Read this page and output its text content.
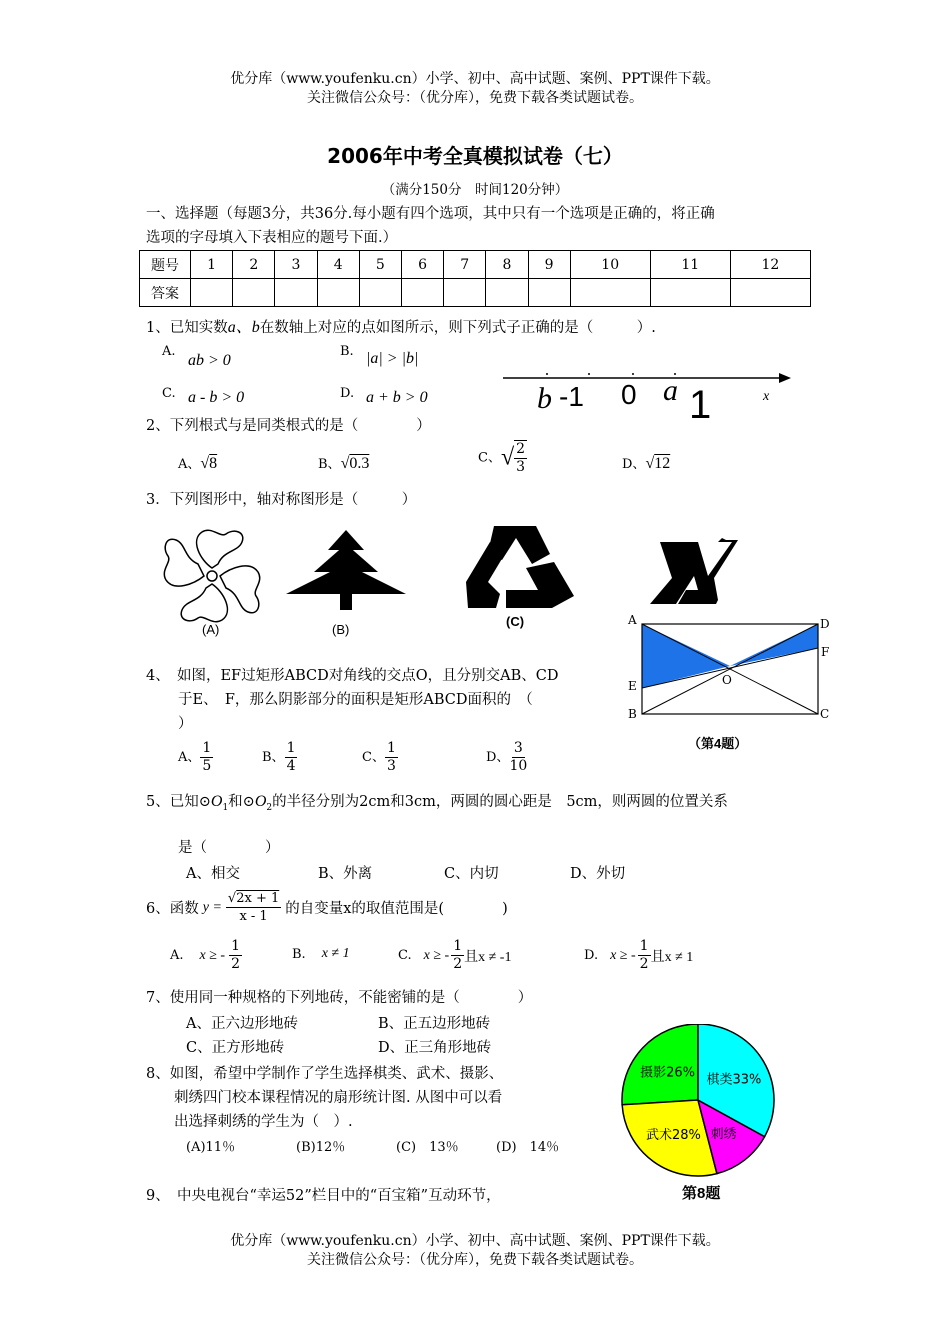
优分库（www.youfenku.cn）小学、初中、高中试题、案例、PPT课件下载。
关注微信公众号：（优分库），免费下载各类试题试卷。
2006年中考全真模拟试卷（七）
（满分150分　时间120分钟）
一、选择题（每题3分，共36分.每小题有四个选项，其中只有一个选项是正确的，将正确
选项的字母填入下表相应的题号下面.）
题号	1	2	3	4	5	6	7	8	9	10	11	12
答案												
1、已知实数a、b在数轴上对应的点如图所示，则下列式子正确的是（　　　）.
A.
ab > 0
B. |a| > |b|
C. a - b > 0	D. a + b > 0	b -1 0 a 1	x
2、下列根式与是同类根式的是（　　　　）
A、√8	B、√0.3	C、√ $\frac{2}{3}$	D、√12
3．下列图形中，轴对称图形是（　　　）
(A)	(B)
(C)
4、　如图，EF过矩形ABCD对角线的交点O，且分别交AB、CD
于E、　F，那么阴影部分的面积是矩形ABCD面积的　（
）
A、 $\frac{1}{5}$	B、 $\frac{1}{4}$	C、 $\frac{1}{3}$	D、 $\frac{3}{10}$
A	D
F
E
B	C
O
（第4题）
5、已知$⊙O_1$和$⊙O_2$的半径分别为2cm和3cm，两圆的圆心距是　5cm，则两圆的位置关系
是（　　　　）
A、相交	B、外离	C、内切	D、外切
6、函数 $y = \frac{√2x + 1}{x - 1}$ 的自变量x的取值范围是(　　　　)
A. x ≥ - $\frac{1}{2}$	B. x ≠ 1	C. x ≥ - $\frac{1}{2}$ 且x ≠ -1	D. x ≥ - $\frac{1}{2}$ 且x ≠ 1
7、使用同一种规格的下列地砖，不能密铺的是（　　　　）
A、正六边形地砖	B、正五边形地砖
C、正方形地砖	D、正三角形地砖
8、如图，希望中学制作了学生选择棋类、武术、摄影、
刺绣四门校本课程情况的扇形统计图. 从图中可以看
出选择刺绣的学生为（　）.
(A)11％	(B)12％	(C)　13％	(D)　14％
第8题
棋类33%
刺绣
武术28%
摄影26%
9、　中央电视台“幸运52”栏目中的“百宝箱”互动环节，
优分库（www.youfenku.cn）小学、初中、高中试题、案例、PPT课件下载。
关注微信公众号：（优分库），免费下载各类试题试卷。
